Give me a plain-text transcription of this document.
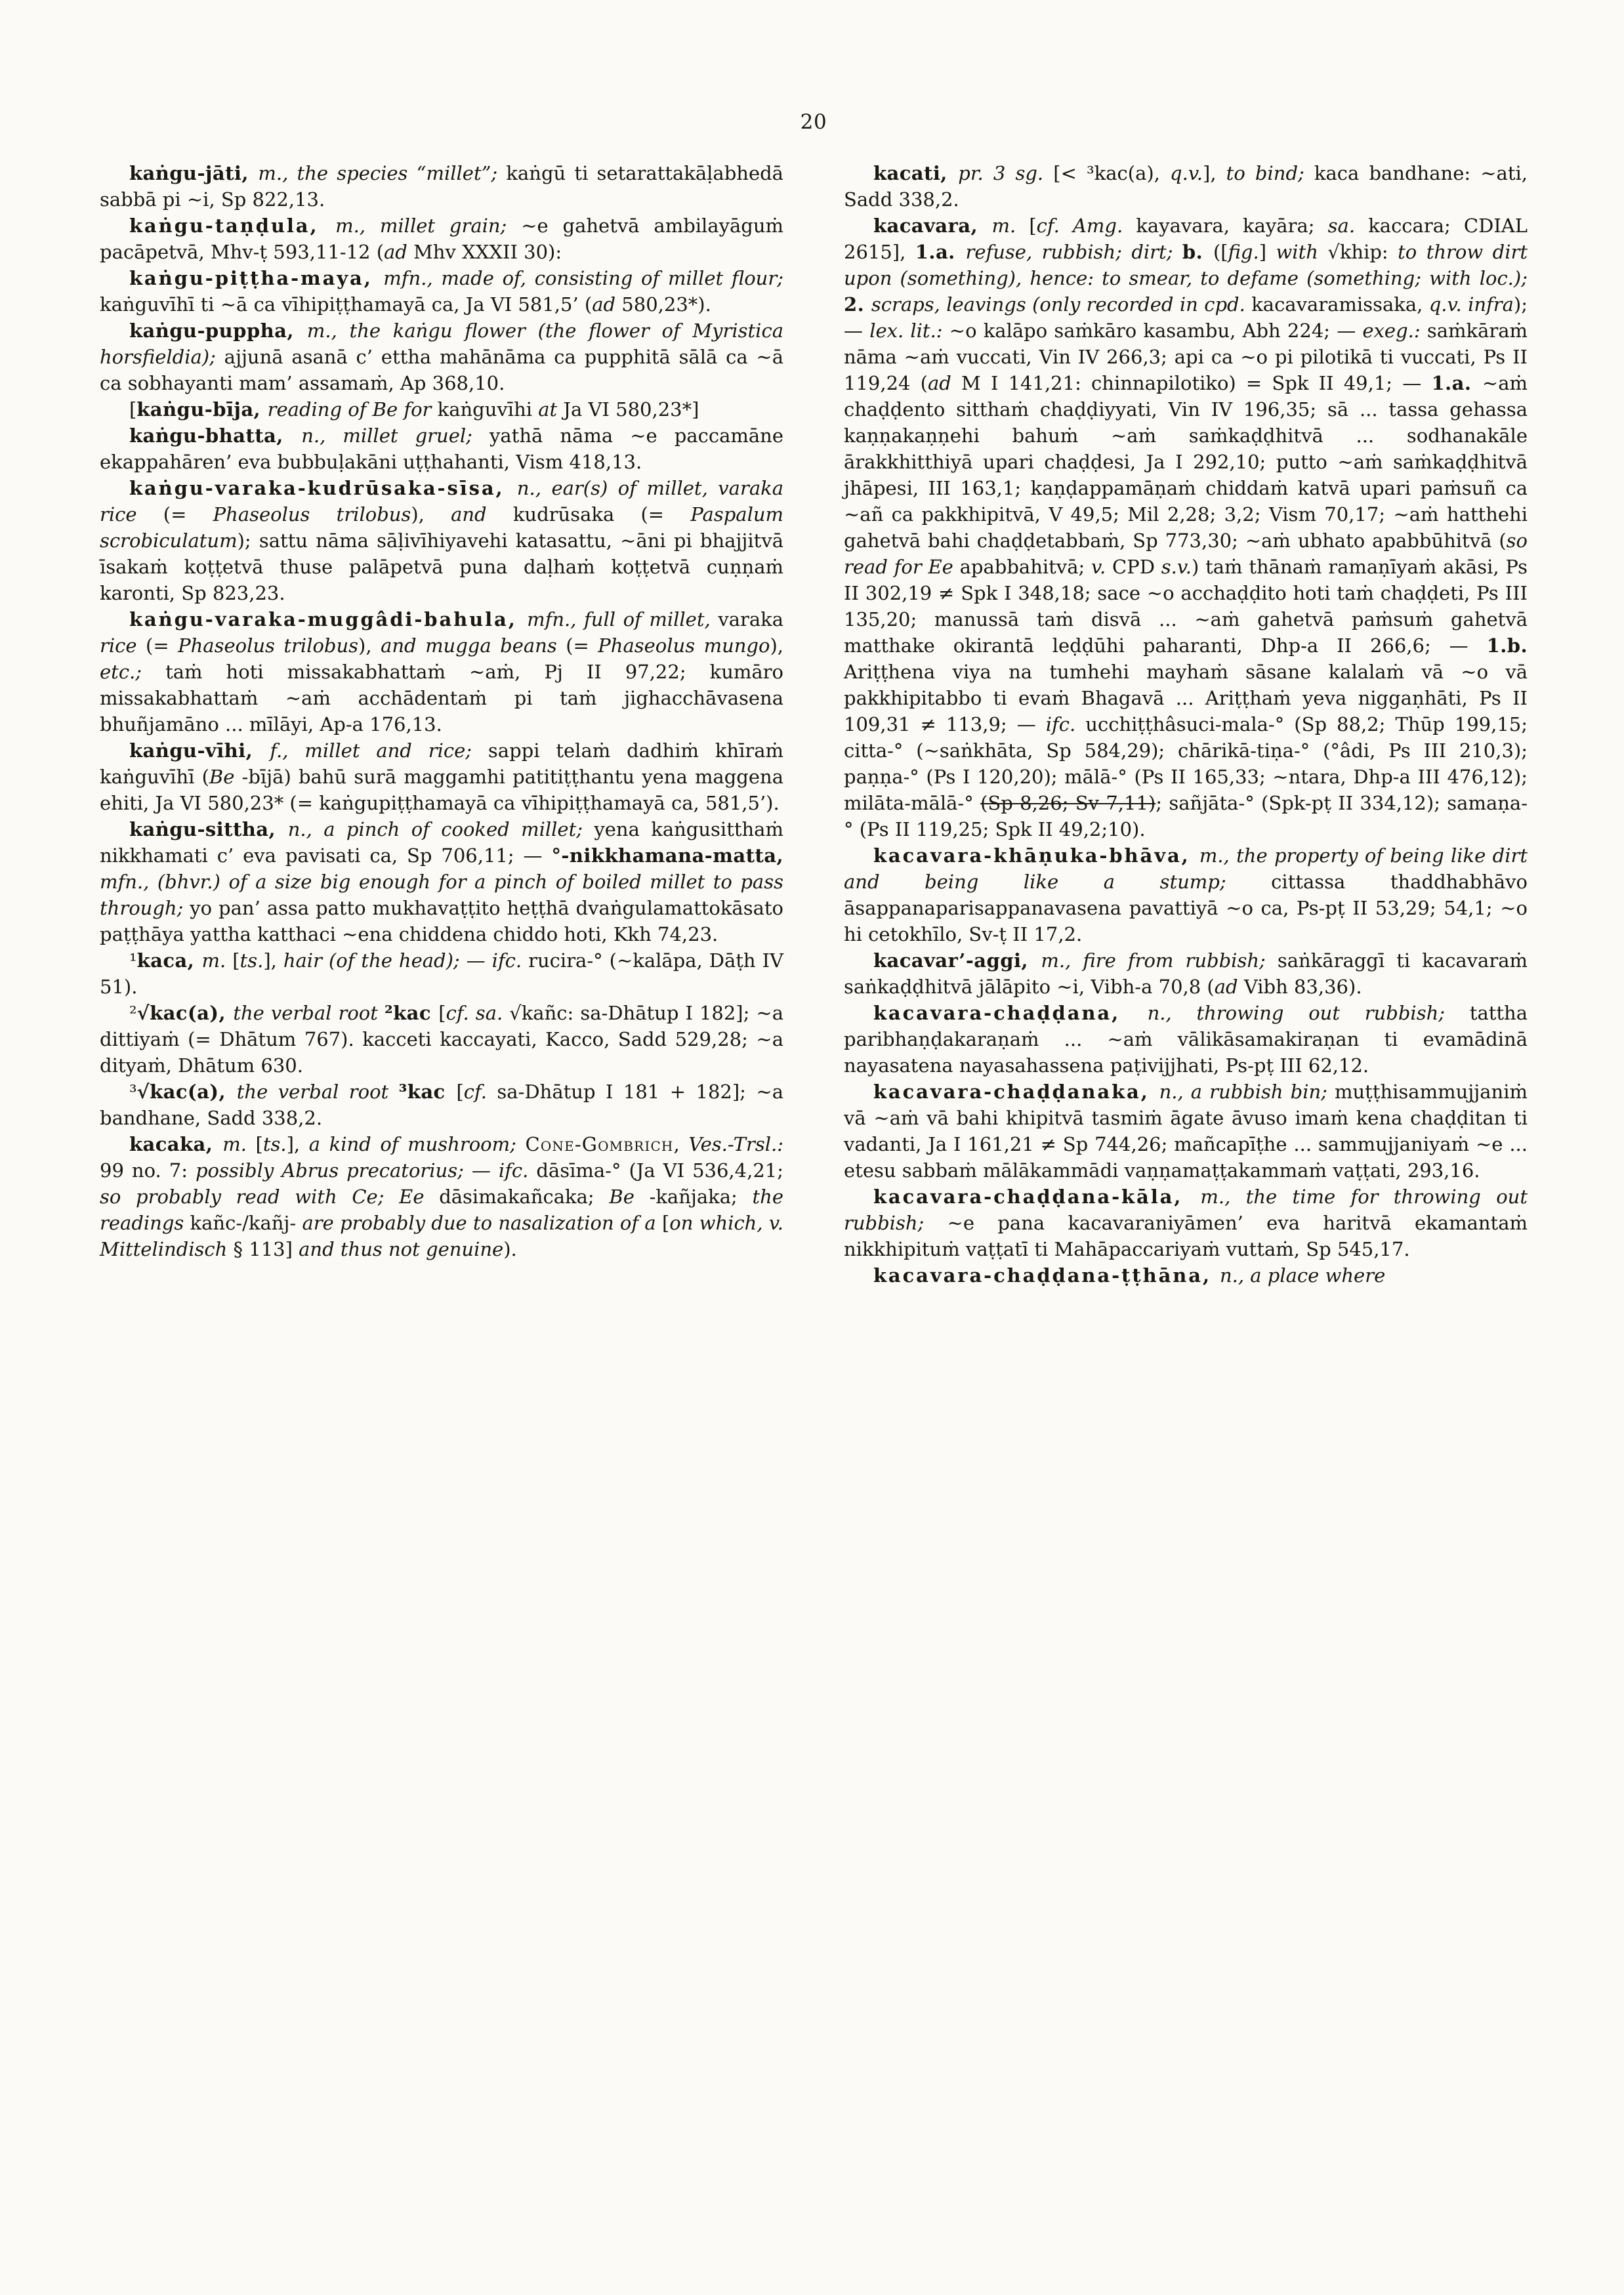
20

kaṅgu-jāti, m., the species “millet”; kaṅgū ti setarattakāḷabhedā sabbā pi ~i, Sp 822,13.

kaṅgu-taṇḍula, m., millet grain; ~e gahetvā ambilayāguṁ pacāpetvā, Mhv-ṭ 593,11-12 (ad Mhv XXXII 30):

kaṅgu-piṭṭha-maya, mfn., made of, consisting of millet flour; kaṅguvīhī ti ~ā ca vīhipiṭṭhamayā ca, Ja VI 581,5’ (ad 580,23*).

kaṅgu-puppha, m., the kaṅgu flower (the flower of Myristica horsfieldia); ajjunā asanā c’ ettha mahānāma ca pupphitā sālā ca ~ā ca sobhayanti mam’ assamaṁ, Ap 368,10.

[kaṅgu-bīja, reading of Be for kaṅguvīhi at Ja VI 580,23*]

kaṅgu-bhatta, n., millet gruel; yathā nāma ~e paccamāne ekappahāren’ eva bubbuḷakāni uṭṭhahanti, Vism 418,13.

kaṅgu-varaka-kudrūsaka-sīsa, n., ear(s) of millet, varaka rice (= Phaseolus trilobus), and kudrūsaka (= Paspalum scrobiculatum); sattu nāma sāḷivīhiyavehi katasattu, ~āni pi bhajjitvā īsakaṁ koṭṭetvā thuse palāpetvā puna daḷhaṁ koṭṭetvā cuṇṇaṁ karonti, Sp 823,23.

kaṅgu-varaka-muggâdi-bahula, mfn., full of millet, varaka rice (= Phaseolus trilobus), and mugga beans (= Phaseolus mungo), etc.; taṁ hoti missakabhattaṁ ~aṁ, Pj II 97,22; kumāro missakabhattaṁ ~aṁ acchādentaṁ pi taṁ jighacchāvasena bhuñjamāno ... mīlāyi, Ap-a 176,13.

kaṅgu-vīhi, f., millet and rice; sappi telaṁ dadhiṁ khīraṁ kaṅguvīhī (Be -bījā) bahū surā maggamhi patitiṭṭhantu yena maggena ehiti, Ja VI 580,23* (= kaṅgupiṭṭhamayā ca vīhipiṭṭhamayā ca, 581,5’).

kaṅgu-sittha, n., a pinch of cooked millet; yena kaṅgusitthaṁ nikkhamati c’ eva pavisati ca, Sp 706,11; — °-nikkhamana-matta, mfn., (bhvr.) of a size big enough for a pinch of boiled millet to pass through; yo pan’ assa patto mukhavaṭṭito heṭṭhā dvaṅgulamattokāsato paṭṭhāya yattha katthaci ~ena chiddena chiddo hoti, Kkh 74,23.

¹kaca, m. [ts.], hair (of the head); — ifc. rucira-° (~kalāpa, Dāṭh IV 51).

²√kac(a), the verbal root ²kac [cf. sa. √kañc: sa-Dhātup I 182]; ~a dittiyaṁ (= Dhātum 767). kacceti kaccayati, Kacco, Sadd 529,28; ~a dityaṁ, Dhātum 630.

³√kac(a), the verbal root ³kac [cf. sa-Dhātup I 181 + 182]; ~a bandhane, Sadd 338,2.

kacaka, m. [ts.], a kind of mushroom; Cone-Gombrich, Ves.-Trsl.: 99 no. 7: possibly Abrus precatorius; — ifc. dāsīma-° (Ja VI 536,4,21; so probably read with Ce; Ee dāsimakañcaka; Be -kañjaka; the readings kañc-/kañj- are probably due to nasalization of a [on which, v. Mittelindisch § 113] and thus not genuine).

kacati, pr. 3 sg. [< ³kac(a), q.v.], to bind; kaca bandhane: ~ati, Sadd 338,2.

kacavara, m. [cf. Amg. kayavara, kayāra; sa. kaccara; CDIAL 2615], 1.a. refuse, rubbish; dirt; b. ([fig.] with √khip: to throw dirt upon (something), hence: to smear, to defame (something; with loc.); 2. scraps, leavings (only recorded in cpd. kacavaramissaka, q.v. infra); — lex. lit.: ~o kalāpo saṁkāro kasambu, Abh 224; — exeg.: saṁkāraṁ nāma ~aṁ vuccati, Vin IV 266,3; api ca ~o pi pilotikā ti vuccati, Ps II 119,24 (ad M I 141,21: chinnapilotiko) = Spk II 49,1; — 1.a. ~aṁ chaḍḍento sitthaṁ chaḍḍiyyati, Vin IV 196,35; sā ... tassa gehassa kaṇṇakaṇṇehi bahuṁ ~aṁ saṁkaḍḍhitvā ... sodhanakāle ārakkhitthiyā upari chaḍḍesi, Ja I 292,10; putto ~aṁ saṁkaḍḍhitvā jhāpesi, III 163,1; kaṇḍappamāṇaṁ chiddaṁ katvā upari paṁsuñ ca ~añ ca pakkhipitvā, V 49,5; Mil 2,28; 3,2; Vism 70,17; ~aṁ hatthehi gahetvā bahi chaḍḍetabbaṁ, Sp 773,30; ~aṁ ubhato apabbūhitvā (so read for Ee apabbahitvā; v. CPD s.v.) taṁ thānaṁ ramaṇīyaṁ akāsi, Ps II 302,19 ≠ Spk I 348,18; sace ~o acchaḍḍito hoti taṁ chaḍḍeti, Ps III 135,20; manussā taṁ disvā ... ~aṁ gahetvā paṁsuṁ gahetvā matthake okirantā leḍḍūhi paharanti, Dhp-a II 266,6; — 1.b. Ariṭṭhena viya na tumhehi mayhaṁ sāsane kalalaṁ vā ~o vā pakkhipitabbo ti evaṁ Bhagavā ... Ariṭṭhaṁ yeva niggaṇhāti, Ps II 109,31 ≠ 113,9; — ifc. ucchiṭṭhâsuci-mala-° (Sp 88,2; Thūp 199,15; citta-° (~saṅkhāta, Sp 584,29); chārikā-tiṇa-° (°âdi, Ps III 210,3); paṇṇa-° (Ps I 120,20); mālā-° (Ps II 165,33; ~ntara, Dhp-a III 476,12); milāta-mālā-° (Sp 8,26; Sv 7,11); sañjāta-° (Spk-pṭ II 334,12); samaṇa-° (Ps II 119,25; Spk II 49,2;10).

kacavara-khāṇuka-bhāva, m., the property of being like dirt and being like a stump; cittassa thaddhabhāvo āsappanaparisappanavasena pavattiyā ~o ca, Ps-pṭ II 53,29; 54,1; ~o hi cetokhīlo, Sv-ṭ II 17,2.

kacavar’-aggi, m., fire from rubbish; saṅkāraggī ti kacavaraṁ saṅkaḍḍhitvā jālāpito ~i, Vibh-a 70,8 (ad Vibh 83,36).

kacavara-chaḍḍana, n., throwing out rubbish; tattha paribhaṇḍakaraṇaṁ ... ~aṁ vālikāsamakiraṇan ti evamādinā nayasatena nayasahassena paṭivijjhati, Ps-pṭ III 62,12.

kacavara-chaḍḍanaka, n., a rubbish bin; muṭṭhisammujjaniṁ vā ~aṁ vā bahi khipitvā tasmiṁ āgate āvuso imaṁ kena chaḍḍitan ti vadanti, Ja I 161,21 ≠ Sp 744,26; mañcapīṭhe ... sammujjaniyaṁ ~e ... etesu sabbaṁ mālākammādi vaṇṇamaṭṭakammaṁ vaṭṭati, 293,16.

kacavara-chaḍḍana-kāla, m., the time for throwing out rubbish; ~e pana kacavaraniyāmen’ eva haritvā ekamantaṁ nikkhipituṁ vaṭṭatī ti Mahāpaccariyaṁ vuttaṁ, Sp 545,17.

kacavara-chaḍḍana-ṭṭhāna, n., a place where
